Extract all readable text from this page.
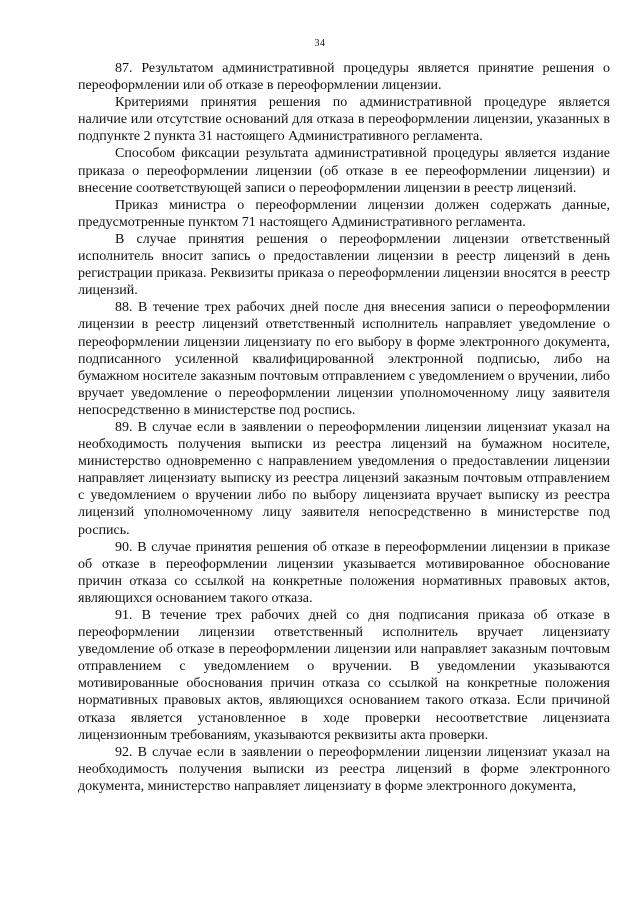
34

87. Результатом административной процедуры является принятие решения о переоформлении или об отказе в переоформлении лицензии.

Критериями принятия решения по административной процедуре является наличие или отсутствие оснований для отказа в переоформлении лицензии, указанных в подпункте 2 пункта 31 настоящего Административного регламента.

Способом фиксации результата административной процедуры является издание приказа о переоформлении лицензии (об отказе в ее переоформлении лицензии) и внесение соответствующей записи о переоформлении лицензии в реестр лицензий.

Приказ министра о переоформлении лицензии должен содержать данные, предусмотренные пунктом 71 настоящего Административного регламента.

В случае принятия решения о переоформлении лицензии ответственный исполнитель вносит запись о предоставлении лицензии в реестр лицензий в день регистрации приказа. Реквизиты приказа о переоформлении лицензии вносятся в реестр лицензий.

88. В течение трех рабочих дней после дня внесения записи о переоформлении лицензии в реестр лицензий ответственный исполнитель направляет уведомление о переоформлении лицензии лицензиату по его выбору в форме электронного документа, подписанного усиленной квалифицированной электронной подписью, либо на бумажном носителе заказным почтовым отправлением с уведомлением о вручении, либо вручает уведомление о переоформлении лицензии уполномоченному лицу заявителя непосредственно в министерстве под роспись.

89. В случае если в заявлении о переоформлении лицензии лицензиат указал на необходимость получения выписки из реестра лицензий на бумажном носителе, министерство одновременно с направлением уведомления о предоставлении лицензии направляет лицензиату выписку из реестра лицензий заказным почтовым отправлением с уведомлением о вручении либо по выбору лицензиата вручает выписку из реестра лицензий уполномоченному лицу заявителя непосредственно в министерстве под роспись.

90. В случае принятия решения об отказе в переоформлении лицензии в приказе об отказе в переоформлении лицензии указывается мотивированное обоснование причин отказа со ссылкой на конкретные положения нормативных правовых актов, являющихся основанием такого отказа.

91. В течение трех рабочих дней со дня подписания приказа об отказе в переоформлении лицензии ответственный исполнитель вручает лицензиату уведомление об отказе в переоформлении лицензии или направляет заказным почтовым отправлением с уведомлением о вручении. В уведомлении указываются мотивированные обоснования причин отказа со ссылкой на конкретные положения нормативных правовых актов, являющихся основанием такого отказа. Если причиной отказа является установленное в ходе проверки несоответствие лицензиата лицензионным требованиям, указываются реквизиты акта проверки.

92. В случае если в заявлении о переоформлении лицензии лицензиат указал на необходимость получения выписки из реестра лицензий в форме электронного документа, министерство направляет лицензиату в форме электронного документа,
